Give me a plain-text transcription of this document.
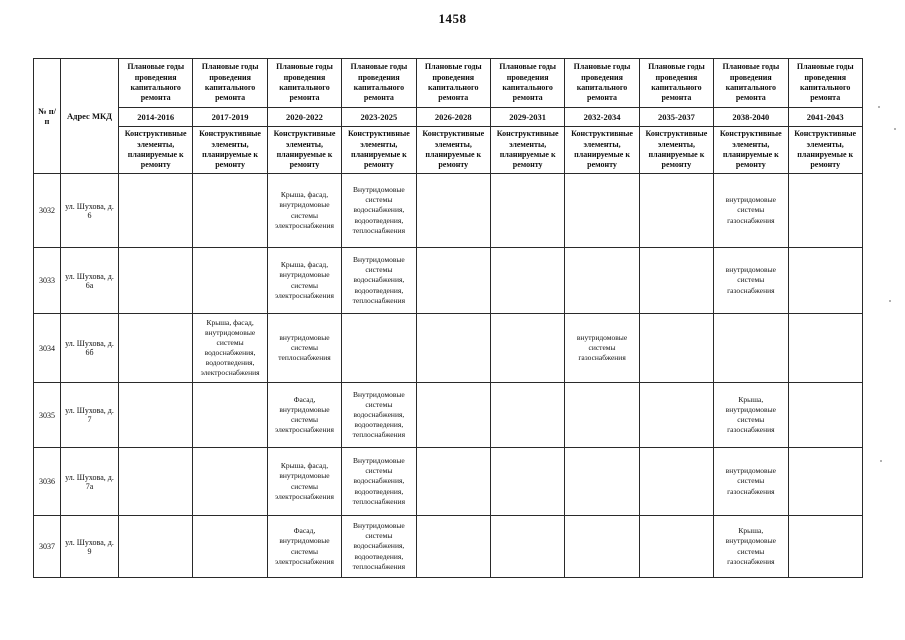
1458
№ п/п	Адрес МКД	Плановые годы проведения капитального ремонта	Плановые годы проведения капитального ремонта	Плановые годы проведения капитального ремонта	Плановые годы проведения капитального ремонта	Плановые годы проведения капитального ремонта	Плановые годы проведения капитального ремонта	Плановые годы проведения капитального ремонта	Плановые годы проведения капитального ремонта	Плановые годы проведения капитального ремонта	Плановые годы проведения капитального ремонта
		2014-2016	2017-2019	2020-2022	2023-2025	2026-2028	2029-2031	2032-2034	2035-2037	2038-2040	2041-2043
		Конструктивные элементы, планируемые к ремонту	Конструктивные элементы, планируемые к ремонту	Конструктивные элементы, планируемые к ремонту	Конструктивные элементы, планируемые к ремонту	Конструктивные элементы, планируемые к ремонту	Конструктивные элементы, планируемые к ремонту	Конструктивные элементы, планируемые к ремонту	Конструктивные элементы, планируемые к ремонту	Конструктивные элементы, планируемые к ремонту	Конструктивные элементы, планируемые к ремонту
3032	ул. Шухова, д. 6			Крыша, фасад, внутридомовые системы электроснабжения	Внутридомовые системы водоснабжения, водоотведения, теплоснабжения					внутридомовые системы газоснабжения	
3033	ул. Шухова, д. 6а			Крыша, фасад, внутридомовые системы электроснабжения	Внутридомовые системы водоснабжения, водоотведения, теплоснабжения					внутридомовые системы газоснабжения	
3034	ул. Шухова, д. 6б		Крыша, фасад, внутридомовые системы водоснабжения, водоотведения, электроснабжения	внутридомовые системы теплоснабжения				внутридомовые системы газоснабжения			
3035	ул. Шухова, д. 7			Фасад, внутридомовые системы электроснабжения	Внутридомовые системы водоснабжения, водоотведения, теплоснабжения					Крыша, внутридомовые системы газоснабжения	
3036	ул. Шухова, д. 7а			Крыша, фасад, внутридомовые системы электроснабжения	Внутридомовые системы водоснабжения, водоотведения, теплоснабжения					внутридомовые системы газоснабжения	
3037	ул. Шухова, д. 9			Фасад, внутридомовые системы электроснабжения	Внутридомовые системы водоснабжения, водоотведения, теплоснабжения					Крыша, внутридомовые системы газоснабжения	
